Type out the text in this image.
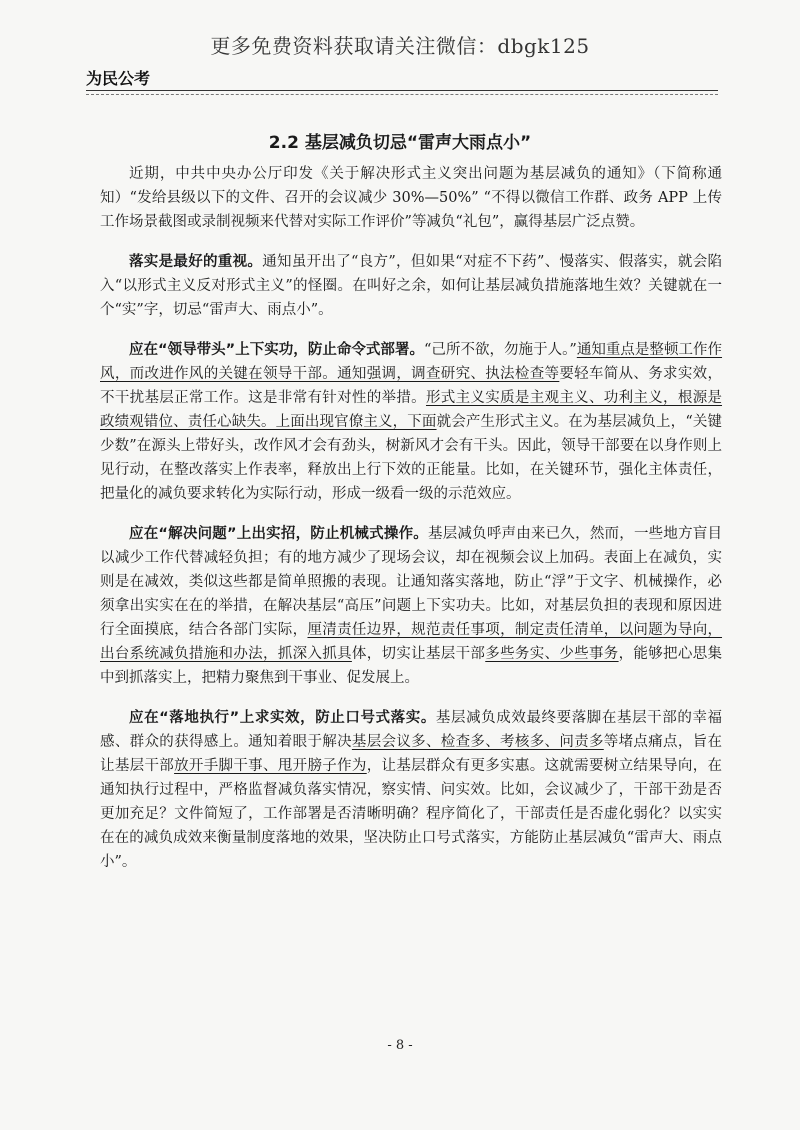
更多免费资料获取请关注微信：dbgk125
为民公考
2.2 基层减负切忌“雷声大雨点小”

近期，中共中央办公厅印发《关于解决形式主义突出问题为基层减负的通知》（下简称通知）“发给县级以下的文件、召开的会议减少 30%—50%” “不得以微信工作群、政务 APP 上传工作场景截图或录制视频来代替对实际工作评价”等减负“礼包”，赢得基层广泛点赞。

落实是最好的重视。通知虽开出了“良方”，但如果“对症不下药”、慢落实、假落实，就会陷入“以形式主义反对形式主义”的怪圈。在叫好之余，如何让基层减负措施落地生效？关键就在一个“实”字，切忌“雷声大、雨点小”。

应在“领导带头”上下实功，防止命令式部署。“己所不欲，勿施于人。”通知重点是整顿工作作风，而改进作风的关键在领导干部。通知强调，调查研究、执法检查等要轻车简从、务求实效，不干扰基层正常工作。这是非常有针对性的举措。形式主义实质是主观主义、功利主义，根源是政绩观错位、责任心缺失。上面出现官僚主义，下面就会产生形式主义。在为基层减负上，“关键少数”在源头上带好头，改作风才会有劲头，树新风才会有干头。因此，领导干部要在以身作则上见行动，在整改落实上作表率，释放出上行下效的正能量。比如，在关键环节，强化主体责任，把量化的减负要求转化为实际行动，形成一级看一级的示范效应。

应在“解决问题”上出实招，防止机械式操作。基层减负呼声由来已久，然而，一些地方盲目以减少工作代替减轻负担；有的地方减少了现场会议，却在视频会议上加码。表面上在减负，实则是在减效，类似这些都是简单照搬的表现。让通知落实落地，防止“浮”于文字、机械操作，必须拿出实实在在的举措，在解决基层“高压”问题上下实功夫。比如，对基层负担的表现和原因进行全面摸底，结合各部门实际，厘清责任边界，规范责任事项，制定责任清单，以问题为导向，出台系统减负措施和办法，抓深入抓具体，切实让基层干部多些务实、少些事务，能够把心思集中到抓落实上，把精力聚焦到干事业、促发展上。

应在“落地执行”上求实效，防止口号式落实。基层减负成效最终要落脚在基层干部的幸福感、群众的获得感上。通知着眼于解决基层会议多、检查多、考核多、问责多等堵点痛点，旨在让基层干部放开手脚干事、甩开膀子作为，让基层群众有更多实惠。这就需要树立结果导向，在通知执行过程中，严格监督减负落实情况，察实情、问实效。比如，会议减少了，干部干劲是否更加充足？文件简短了，工作部署是否清晰明确？程序简化了，干部责任是否虚化弱化？以实实在在的减负成效来衡量制度落地的效果，坚决防止口号式落实，方能防止基层减负“雷声大、雨点小”。

- 8 -
